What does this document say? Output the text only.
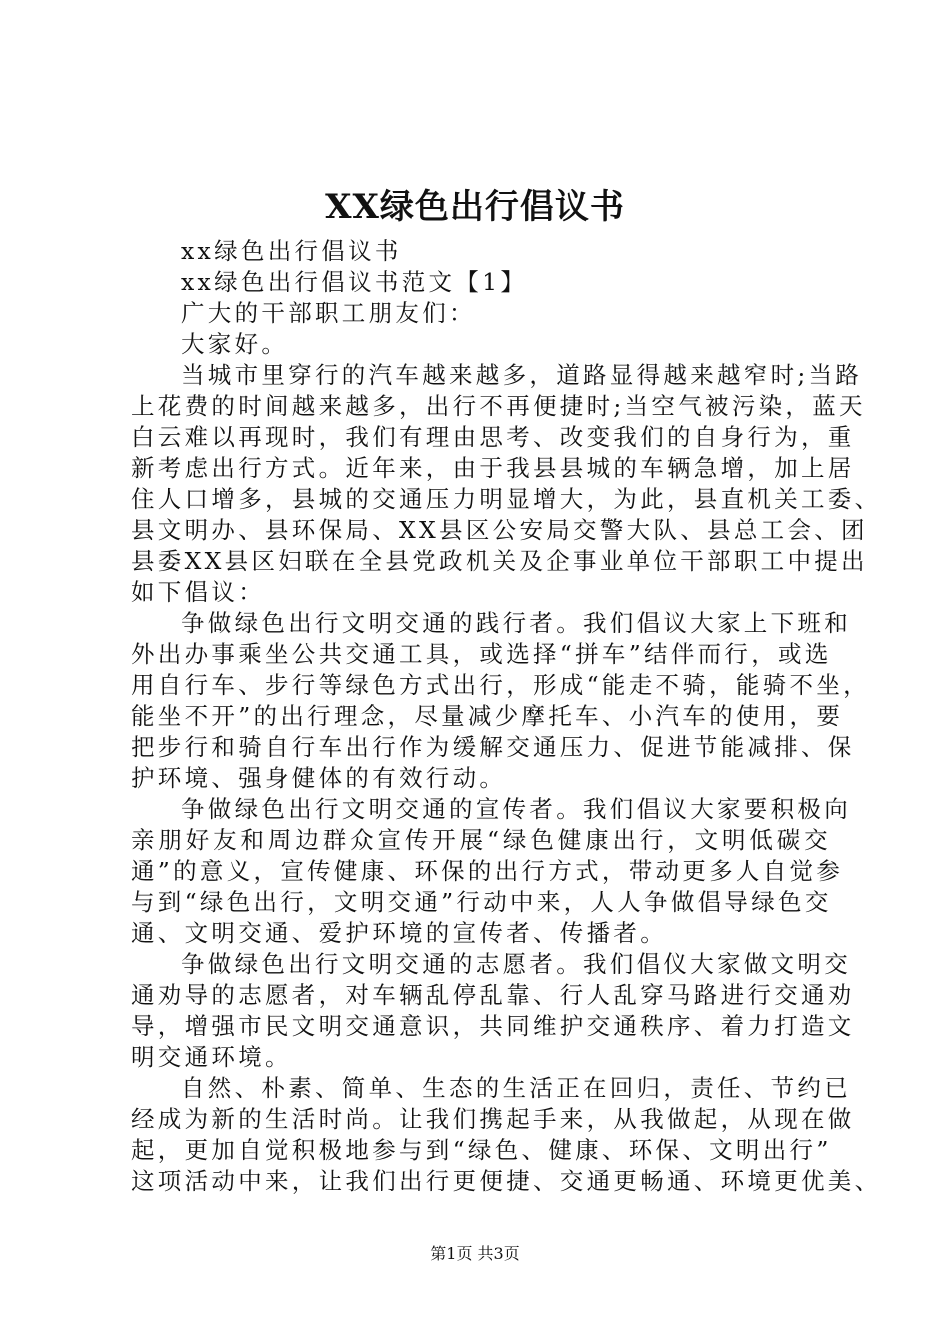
XX绿色出行倡议书
xx绿色出行倡议书
xx绿色出行倡议书范文【1】
广大的干部职工朋友们：
大家好。
当城市里穿行的汽车越来越多，道路显得越来越窄时;当路
上花费的时间越来越多，出行不再便捷时;当空气被污染，蓝天
白云难以再现时，我们有理由思考、改变我们的自身行为，重
新考虑出行方式。近年来，由于我县县城的车辆急增，加上居
住人口增多，县城的交通压力明显增大，为此，县直机关工委、
县文明办、县环保局、XX县区公安局交警大队、县总工会、团
县委XX县区妇联在全县党政机关及企事业单位干部职工中提出
如下倡议：
争做绿色出行文明交通的践行者。我们倡议大家上下班和
外出办事乘坐公共交通工具，或选择“拼车”结伴而行，或选
用自行车、步行等绿色方式出行，形成“能走不骑，能骑不坐，
能坐不开”的出行理念，尽量减少摩托车、小汽车的使用，要
把步行和骑自行车出行作为缓解交通压力、促进节能减排、保
护环境、强身健体的有效行动。
争做绿色出行文明交通的宣传者。我们倡议大家要积极向
亲朋好友和周边群众宣传开展“绿色健康出行，文明低碳交
通”的意义，宣传健康、环保的出行方式，带动更多人自觉参
与到“绿色出行，文明交通”行动中来，人人争做倡导绿色交
通、文明交通、爱护环境的宣传者、传播者。
争做绿色出行文明交通的志愿者。我们倡仪大家做文明交
通劝导的志愿者，对车辆乱停乱靠、行人乱穿马路进行交通劝
导，增强市民文明交通意识，共同维护交通秩序、着力打造文
明交通环境。
自然、朴素、简单、生态的生活正在回归，责任、节约已
经成为新的生活时尚。让我们携起手来，从我做起，从现在做
起，更加自觉积极地参与到“绿色、健康、环保、文明出行”
这项活动中来，让我们出行更便捷、交通更畅通、环境更优美、
第1页 共3页
